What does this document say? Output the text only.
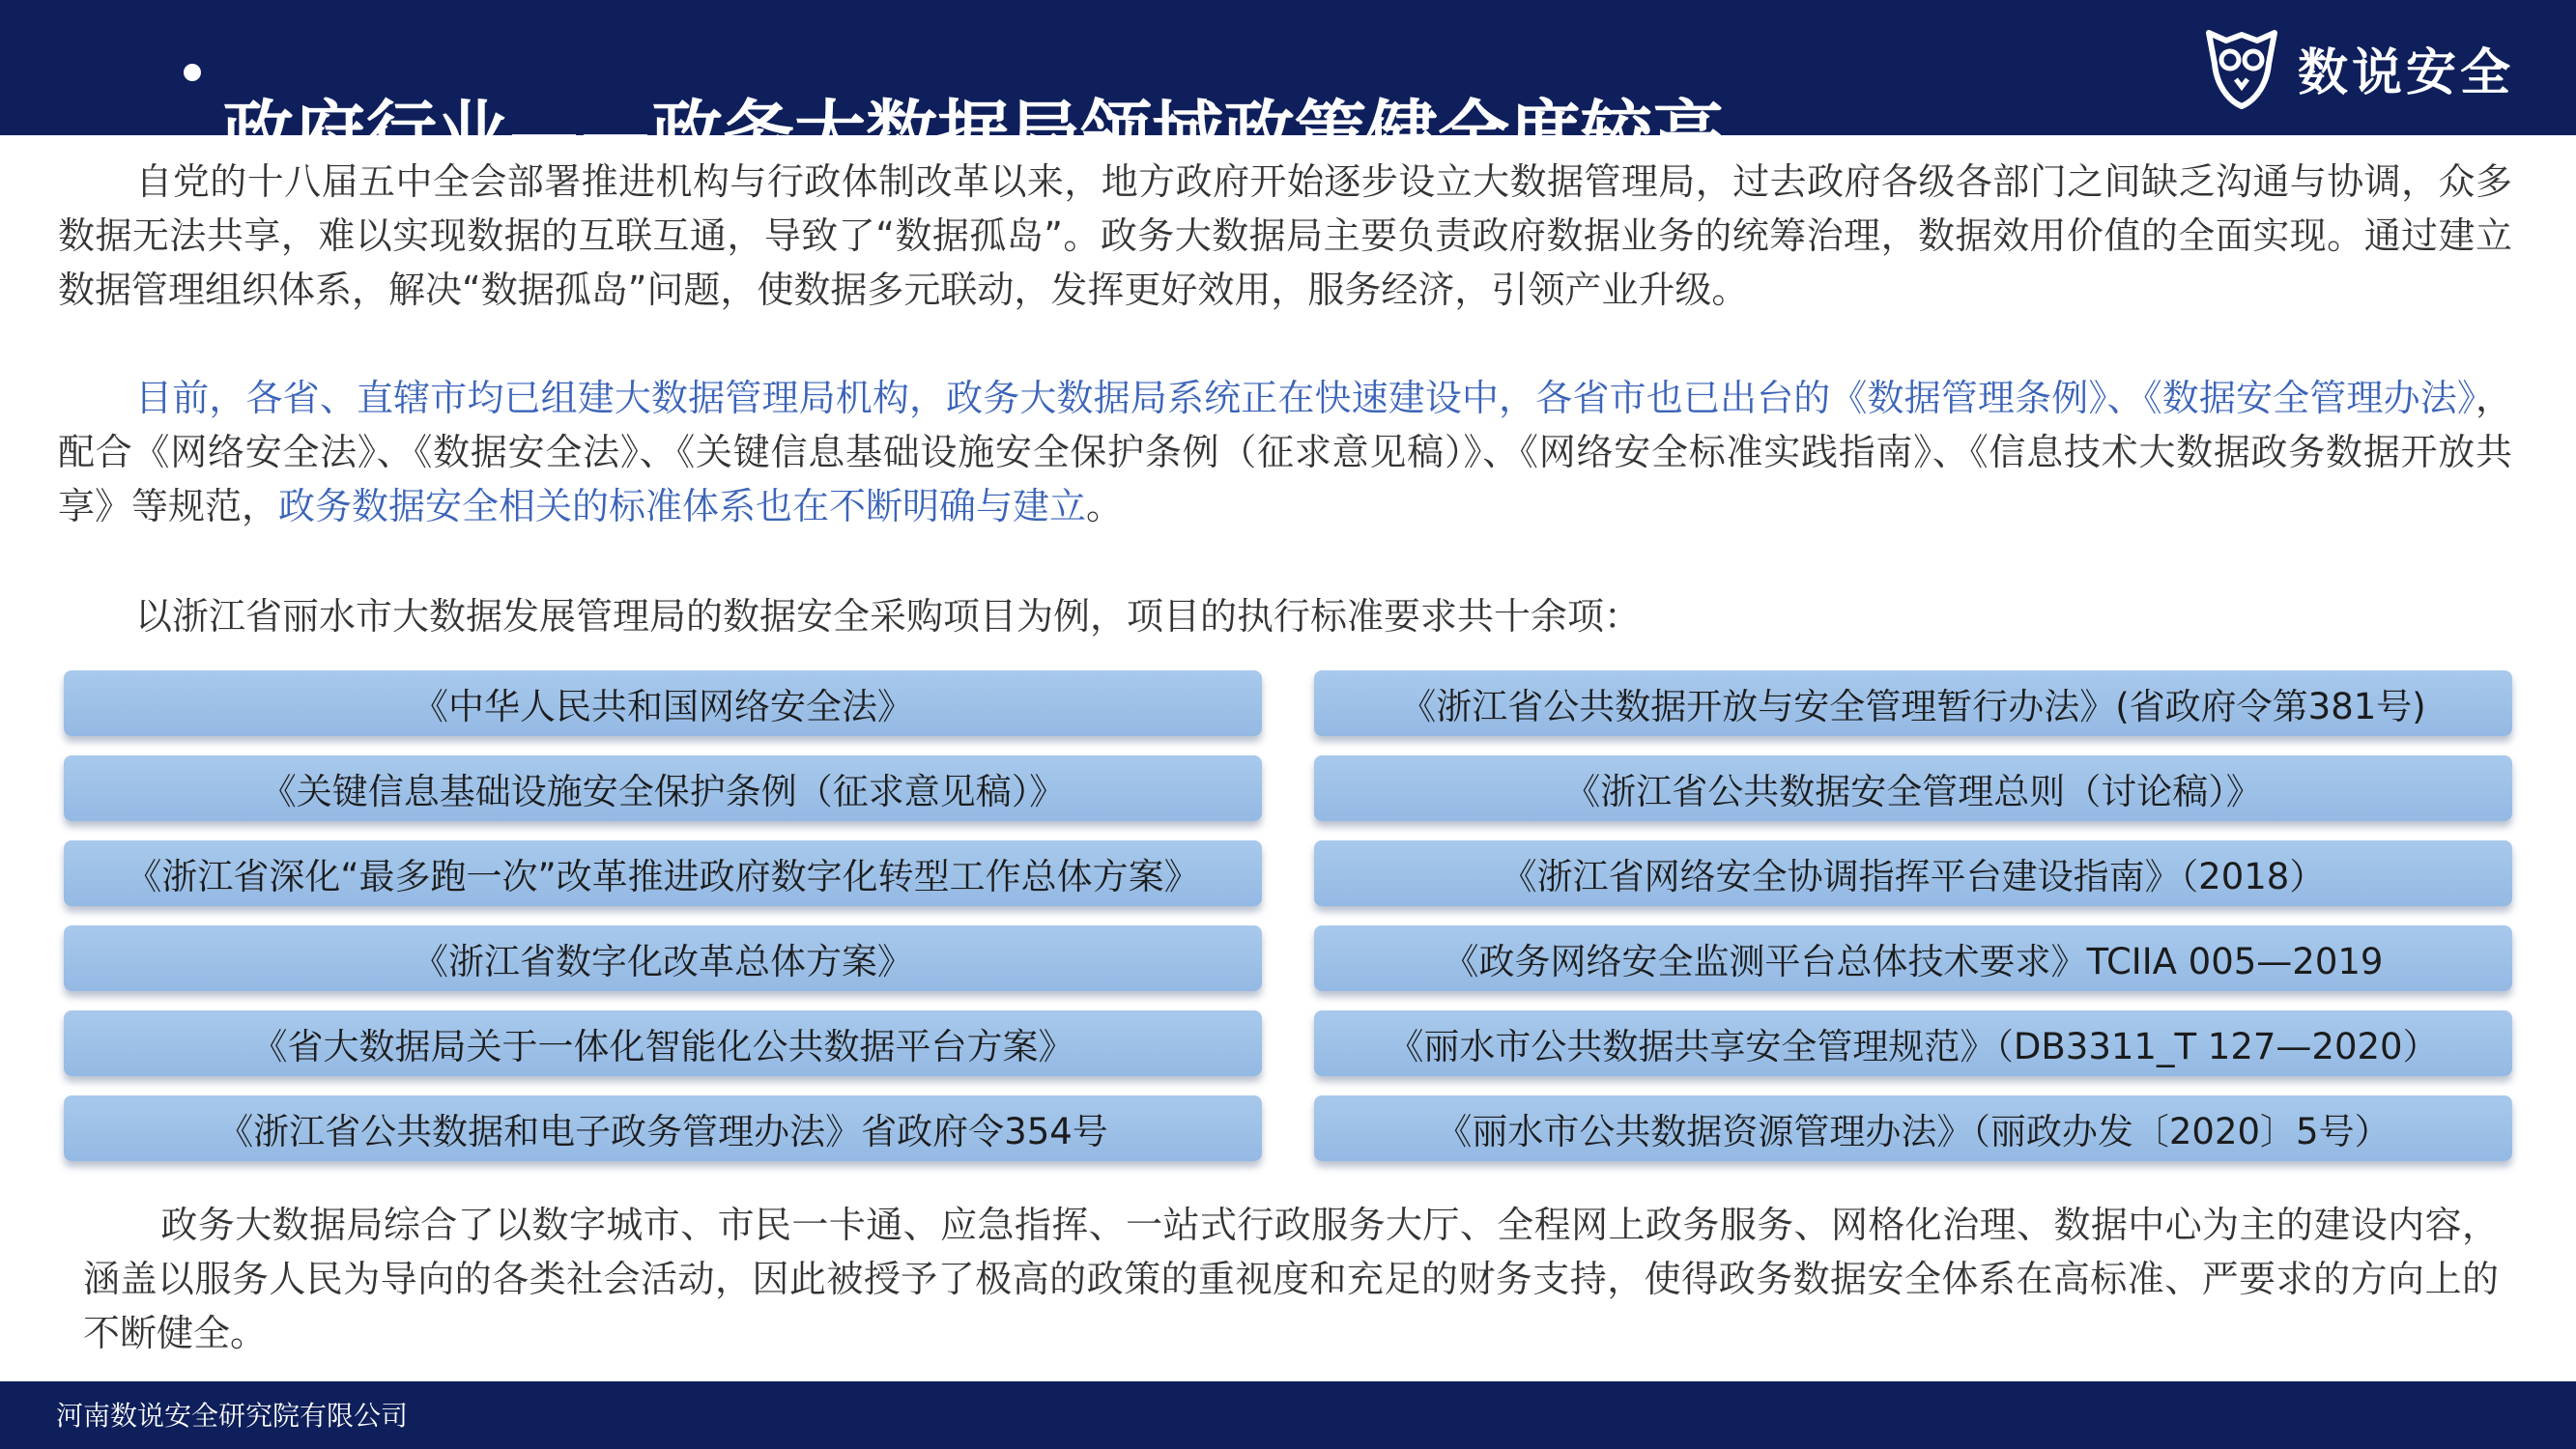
政府行业——政务大数据局领域政策健全度较高
数说安全

自党的十八届五中全会部署推进机构与行政体制改革以来，地方政府开始逐步设立大数据管理局，过去政府各级各部门之间缺乏沟通与协调，众多数据无法共享，难以实现数据的互联互通，导致了“数据孤岛”。政务大数据局主要负责政府数据业务的统筹治理，数据效用价值的全面实现。通过建立数据管理组织体系，解决“数据孤岛”问题，使数据多元联动，发挥更好效用，服务经济，引领产业升级。

目前，各省、直辖市均已组建大数据管理局机构，政务大数据局系统正在快速建设中，各省市也已出台的《数据管理条例》、《数据安全管理办法》，配合《网络安全法》、《数据安全法》、《关键信息基础设施安全保护条例（征求意见稿）》、《网络安全标准实践指南》、《信息技术大数据政务数据开放共享》等规范，政务数据安全相关的标准体系也在不断明确与建立。

以浙江省丽水市大数据发展管理局的数据安全采购项目为例，项目的执行标准要求共十余项：

《中华人民共和国网络安全法》
《关键信息基础设施安全保护条例（征求意见稿）》
《浙江省深化“最多跑一次”改革推进政府数字化转型工作总体方案》
《浙江省数字化改革总体方案》
《省大数据局关于一体化智能化公共数据平台方案》
《浙江省公共数据和电子政务管理办法》省政府令354号
《浙江省公共数据开放与安全管理暂行办法》(省政府令第381号)
《浙江省公共数据安全管理总则（讨论稿）》
《浙江省网络安全协调指挥平台建设指南》（2018）
《政务网络安全监测平台总体技术要求》TCIIA 005—2019
《丽水市公共数据共享安全管理规范》（DB3311_T 127—2020）
《丽水市公共数据资源管理办法》（丽政办发〔2020〕5号）

政务大数据局综合了以数字城市、市民一卡通、应急指挥、一站式行政服务大厅、全程网上政务服务、网格化治理、数据中心为主的建设内容，涵盖以服务人民为导向的各类社会活动，因此被授予了极高的政策的重视度和充足的财务支持，使得政务数据安全体系在高标准、严要求的方向上的不断健全。

河南数说安全研究院有限公司
